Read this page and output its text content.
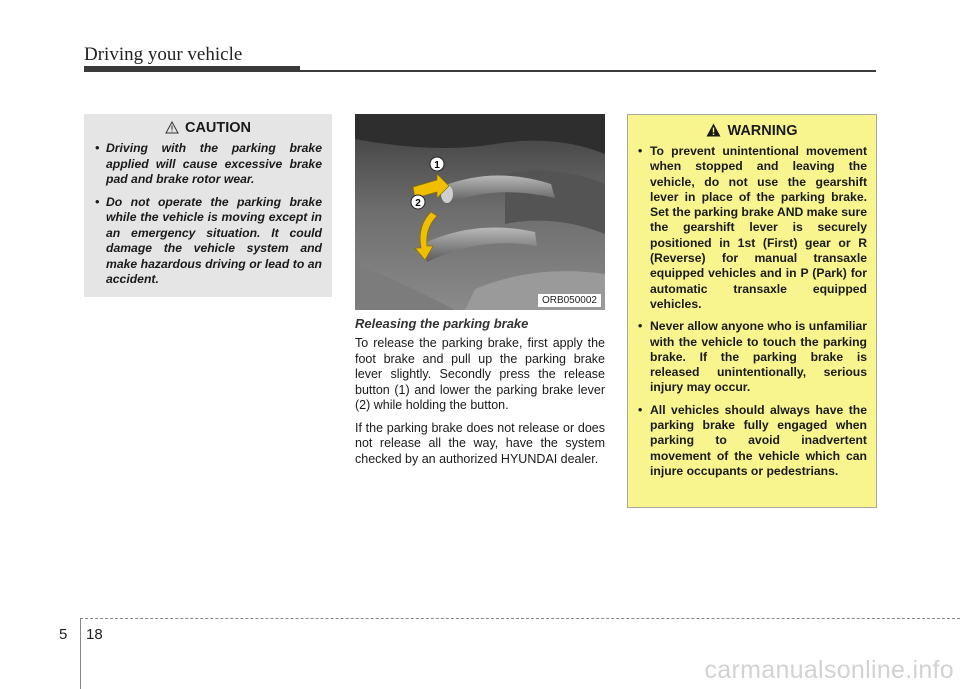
Driving your vehicle
CAUTION
• Driving with the parking brake applied will cause excessive brake pad and brake rotor wear.
• Do not operate the parking brake while the vehicle is moving except in an emergency situation. It could damage the vehicle system and make hazardous driving or lead to an accident.
1
2
ORB050002
Releasing the parking brake

To release the parking brake, first apply the foot brake and pull up the parking brake lever slightly. Secondly press the release button (1) and lower the parking brake lever (2) while holding the button.

If the parking brake does not release or does not release all the way, have the system checked by an authorized HYUNDAI dealer.

WARNING
• To prevent unintentional movement when stopped and leaving the vehicle, do not use the gearshift lever in place of the parking brake. Set the parking brake AND make sure the gearshift lever is securely positioned in 1st (First) gear or R (Reverse) for manual transaxle equipped vehicles and in P (Park) for automatic transaxle equipped vehicles.
• Never allow anyone who is unfamiliar with the vehicle to touch the parking brake. If the parking brake is released unintentionally, serious injury may occur.
• All vehicles should always have the parking brake fully engaged when parking to avoid inadvertent movement of the vehicle which can injure occupants or pedestrians.
5 18
carmanualsonline.info
